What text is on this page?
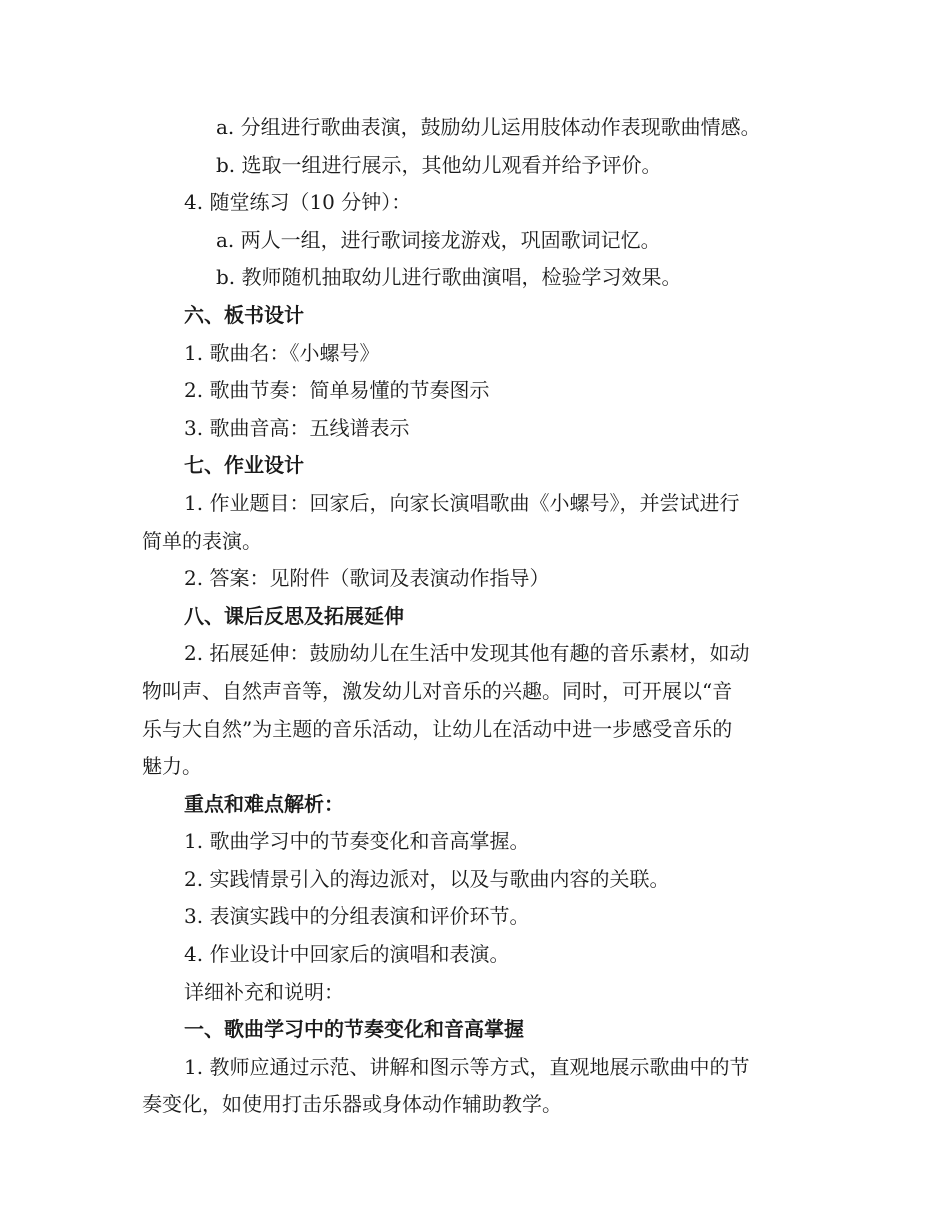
a. 分组进行歌曲表演，鼓励幼儿运用肢体动作表现歌曲情感。
b. 选取一组进行展示，其他幼儿观看并给予评价。
4. 随堂练习（10 分钟）：
a. 两人一组，进行歌词接龙游戏，巩固歌词记忆。
b. 教师随机抽取幼儿进行歌曲演唱，检验学习效果。
六、板书设计
1. 歌曲名：《小螺号》
2. 歌曲节奏：简单易懂的节奏图示
3. 歌曲音高：五线谱表示
七、作业设计
1. 作业题目：回家后，向家长演唱歌曲《小螺号》，并尝试进行
简单的表演。
2. 答案：见附件（歌词及表演动作指导）
八、课后反思及拓展延伸
2. 拓展延伸：鼓励幼儿在生活中发现其他有趣的音乐素材，如动
物叫声、自然声音等，激发幼儿对音乐的兴趣。同时，可开展以“音
乐与大自然”为主题的音乐活动，让幼儿在活动中进一步感受音乐的
魅力。
重点和难点解析：
1. 歌曲学习中的节奏变化和音高掌握。
2. 实践情景引入的海边派对，以及与歌曲内容的关联。
3. 表演实践中的分组表演和评价环节。
4. 作业设计中回家后的演唱和表演。
详细补充和说明：
一、歌曲学习中的节奏变化和音高掌握
1. 教师应通过示范、讲解和图示等方式，直观地展示歌曲中的节
奏变化，如使用打击乐器或身体动作辅助教学。
